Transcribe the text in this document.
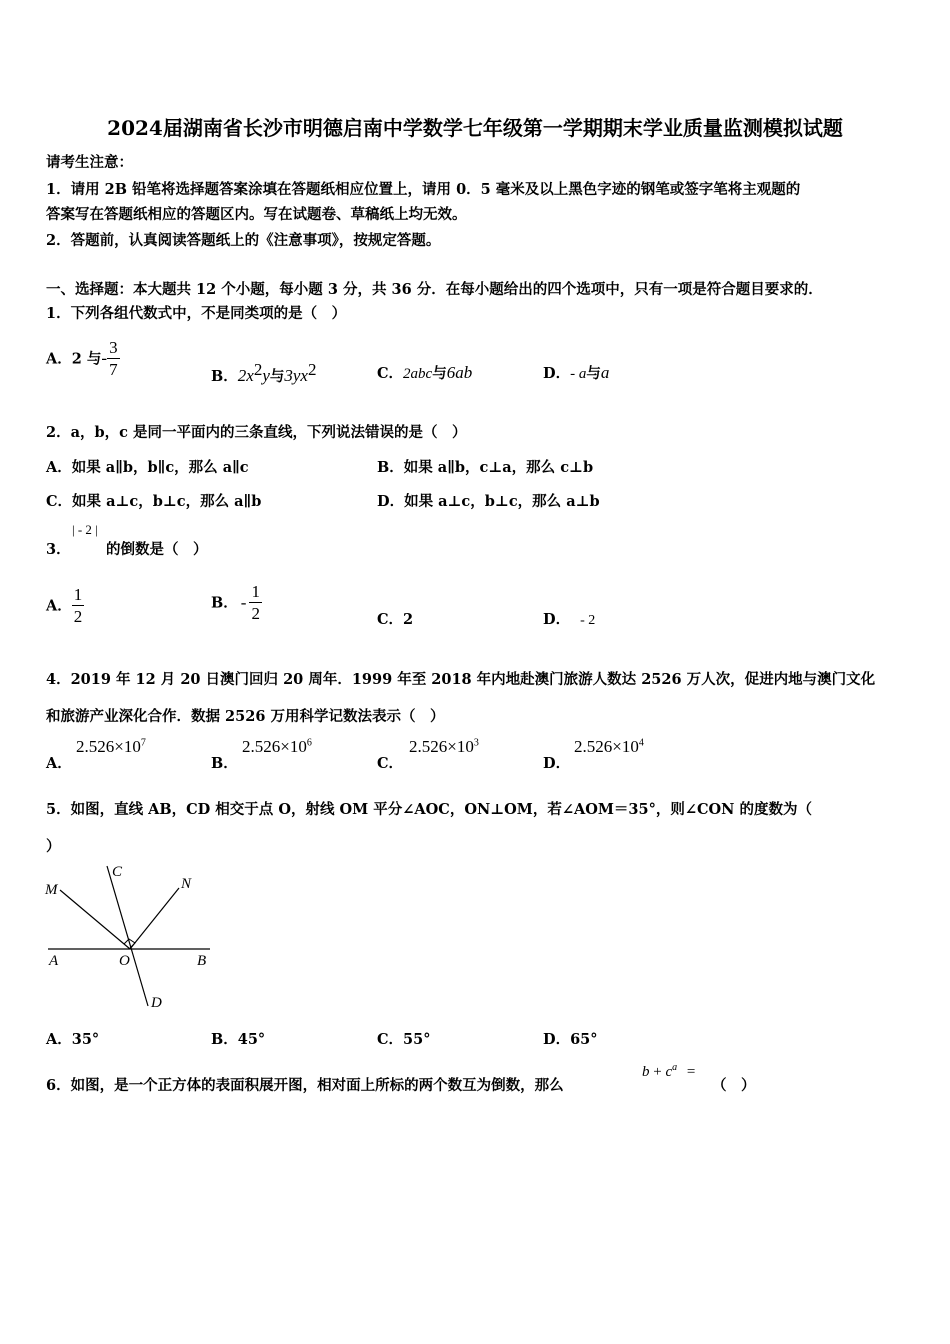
2024届湖南省长沙市明德启南中学数学七年级第一学期期末学业质量监测模拟试题
请考生注意：
1．请用 2B 铅笔将选择题答案涂填在答题纸相应位置上，请用 0．5 毫米及以上黑色字迹的钢笔或签字笔将主观题的
答案写在答题纸相应的答题区内。写在试题卷、草稿纸上均无效。
2．答题前，认真阅读答题纸上的《注意事项》，按规定答题。
一、选择题：本大题共 12 个小题，每小题 3 分，共 36 分．在每小题给出的四个选项中，只有一项是符合题目要求的．
1．下列各组代数式中，不是同类项的是（　）
A．2 与- $\frac{3}{7}$	B．$2x^2y$与$3yx^2$	C．2abc与6ab	D．- a与a
2．a，b，c 是同一平面内的三条直线，下列说法错误的是（　）
A．如果 a∥b，b∥c，那么 a∥c	B．如果 a∥b，c⊥a，那么 c⊥b
C．如果 a⊥c，b⊥c，那么 a∥b	D．如果 a⊥c，b⊥c，那么 a⊥b
3．
| - 2 |
的倒数是（　）
A． $\frac{1}{2}$	B． - $\frac{1}{2}$	C．2	D． - 2
4．2019 年 12 月 20 日澳门回归 20 周年．1999 年至 2018 年内地赴澳门旅游人数达 2526 万人次，促进内地与澳门文化
和旅游产业深化合作．数据 2526 万用科学记数法表示（　）
A．
$2.526\times 10^7$
B．
$2.526\times 10^6$
C．
$2.526\times 10^3$
D．
$2.526\times 10^4$
5．如图，直线 AB，CD 相交于点 O，射线 OM 平分∠AOC，ON⊥OM，若∠AOM＝35°，则∠CON 的度数为（
）
M
C
N
A	O	B
D
A．35°	B．45°	C．55°	D．65°
6．如图，是一个正方体的表面积展开图，相对面上所标的两个数互为倒数，那么
$b + c^a$ =
（　）
